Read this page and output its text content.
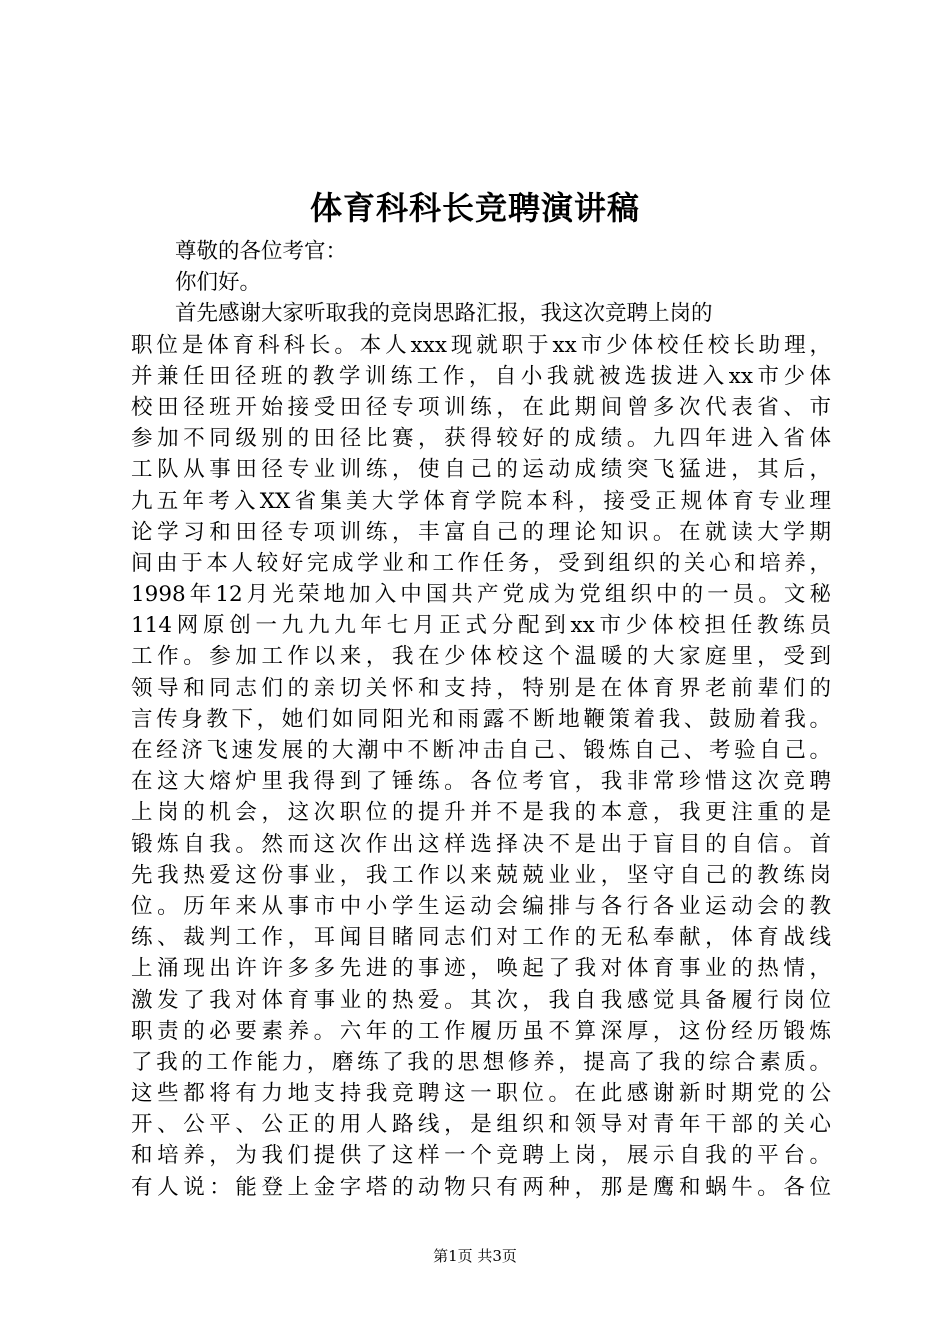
体育科科长竞聘演讲稿
尊敬的各位考官：
你们好。
首先感谢大家听取我的竞岗思路汇报，我这次竞聘上岗的
职位是体育科科长。本人xxx现就职于xx市少体校任校长助理，
并兼任田径班的教学训练工作，自小我就被选拔进入xx市少体
校田径班开始接受田径专项训练，在此期间曾多次代表省、市
参加不同级别的田径比赛，获得较好的成绩。九四年进入省体
工队从事田径专业训练，使自己的运动成绩突飞猛进，其后，
九五年考入XX省集美大学体育学院本科，接受正规体育专业理
论学习和田径专项训练，丰富自己的理论知识。在就读大学期
间由于本人较好完成学业和工作任务，受到组织的关心和培养，
1998年12月光荣地加入中国共产党成为党组织中的一员。文秘
114网原创一九九九年七月正式分配到xx市少体校担任教练员
工作。参加工作以来，我在少体校这个温暖的大家庭里，受到
领导和同志们的亲切关怀和支持，特别是在体育界老前辈们的
言传身教下，她们如同阳光和雨露不断地鞭策着我、鼓励着我。
在经济飞速发展的大潮中不断冲击自己、锻炼自己、考验自己。
在这大熔炉里我得到了锤练。各位考官，我非常珍惜这次竞聘
上岗的机会，这次职位的提升并不是我的本意，我更注重的是
锻炼自我。然而这次作出这样选择决不是出于盲目的自信。首
先我热爱这份事业，我工作以来兢兢业业，坚守自己的教练岗
位。历年来从事市中小学生运动会编排与各行各业运动会的教
练、裁判工作，耳闻目睹同志们对工作的无私奉献，体育战线
上涌现出许许多多先进的事迹，唤起了我对体育事业的热情，
激发了我对体育事业的热爱。其次，我自我感觉具备履行岗位
职责的必要素养。六年的工作履历虽不算深厚，这份经历锻炼
了我的工作能力，磨练了我的思想修养，提高了我的综合素质。
这些都将有力地支持我竞聘这一职位。在此感谢新时期党的公
开、公平、公正的用人路线，是组织和领导对青年干部的关心
和培养，为我们提供了这样一个竞聘上岗，展示自我的平台。
有人说：能登上金字塔的动物只有两种，那是鹰和蜗牛。各位
第1页 共3页
